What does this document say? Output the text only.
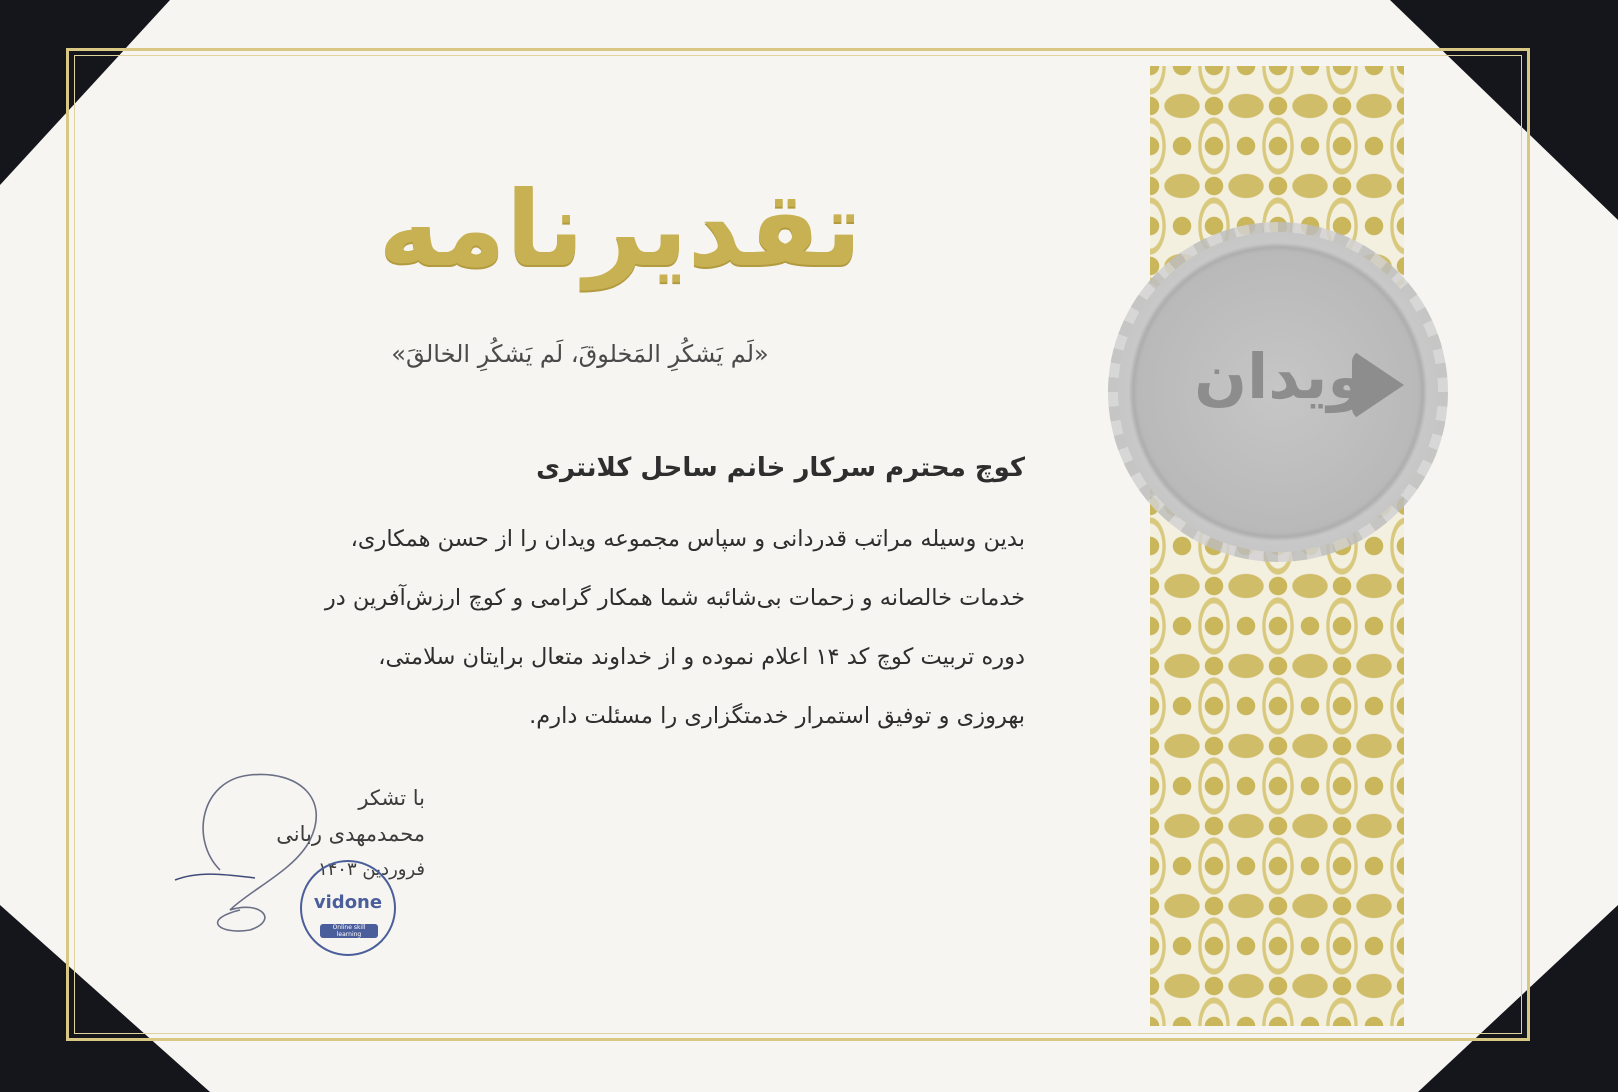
ویدان
تقدیرنامه
«لَم یَشکُرِ المَخلوقَ، لَم یَشکُرِ الخالقَ»

کوچ محترم سرکار خانم ساحل کلانتری

بدین وسیله مراتب قدردانی و سپاس مجموعه ویدان را از حسن همکاری،

خدمات خالصانه و زحمات بی‌شائبه شما همکار گرامی و کوچ ارزش‌آفرین در

دوره تربیت کوچ کد ۱۴ اعلام نموده و از خداوند متعال برایتان سلامتی،

بهروزی و توفیق استمرار خدمتگزاری را مسئلت دارم.

با تشکر
محمدمهدی ربانی
فروردین ۱۴۰۳
vidone
Online skill learning
